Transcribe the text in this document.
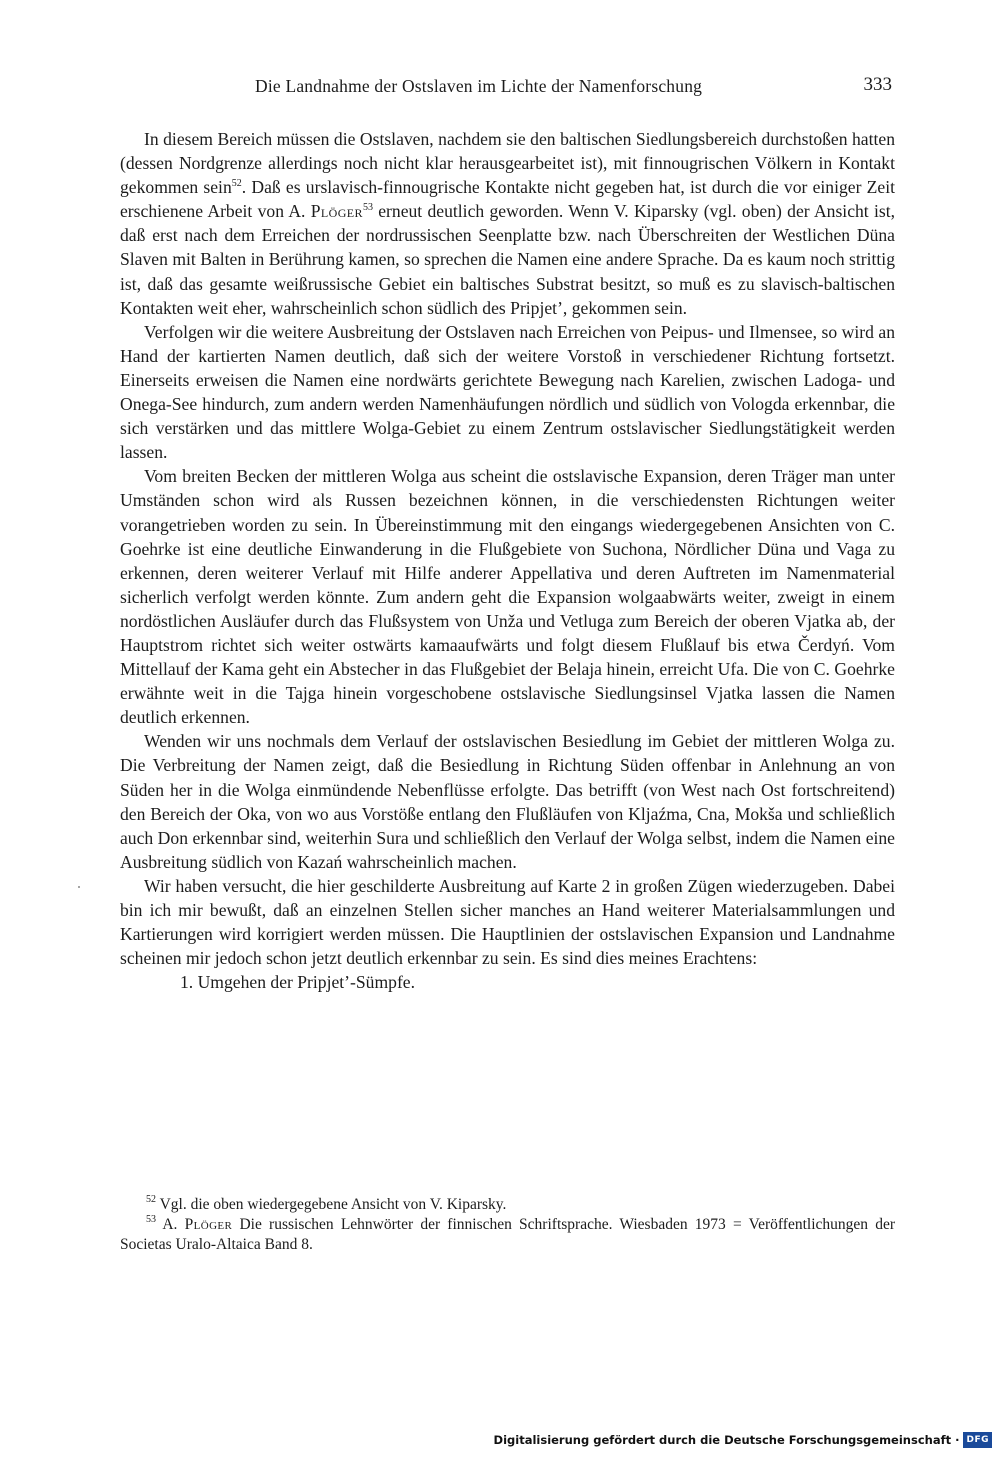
Die Landnahme der Ostslaven im Lichte der Namenforschung	333

In diesem Bereich müssen die Ostslaven, nachdem sie den baltischen Siedlungsbereich durchstoßen hatten (dessen Nordgrenze allerdings noch nicht klar herausgearbeitet ist), mit finnougrischen Völkern in Kontakt gekommen sein$^{52}$. Daß es urslavisch-finnougrische Kontakte nicht gegeben hat, ist durch die vor einiger Zeit erschienene Arbeit von A. Plöger$^{53}$ erneut deutlich geworden. Wenn V. Kiparsky (vgl. oben) der Ansicht ist, daß erst nach dem Erreichen der nordrussischen Seenplatte bzw. nach Überschreiten der Westlichen Düna Slaven mit Balten in Berührung kamen, so sprechen die Namen eine andere Sprache. Da es kaum noch strittig ist, daß das gesamte weißrussische Gebiet ein baltisches Substrat besitzt, so muß es zu slavisch-baltischen Kontakten weit eher, wahrscheinlich schon südlich des Pripjet’, gekommen sein.

Verfolgen wir die weitere Ausbreitung der Ostslaven nach Erreichen von Peipus- und Ilmensee, so wird an Hand der kartierten Namen deutlich, daß sich der weitere Vorstoß in verschiedener Richtung fortsetzt. Einerseits erweisen die Namen eine nordwärts gerichtete Bewegung nach Karelien, zwischen Ladoga- und Onega-See hindurch, zum andern werden Namenhäufungen nördlich und südlich von Vologda erkennbar, die sich verstärken und das mittlere Wolga-Gebiet zu einem Zentrum ostslavischer Siedlungstätigkeit werden lassen.

Vom breiten Becken der mittleren Wolga aus scheint die ostslavische Expansion, deren Träger man unter Umständen schon wird als Russen bezeichnen können, in die verschiedensten Richtungen weiter vorangetrieben worden zu sein. In Übereinstimmung mit den eingangs wiedergegebenen Ansichten von C. Goehrke ist eine deutliche Einwanderung in die Flußgebiete von Suchona, Nördlicher Düna und Vaga zu erkennen, deren weiterer Verlauf mit Hilfe anderer Appellativa und deren Auftreten im Namenmaterial sicherlich verfolgt werden könnte. Zum andern geht die Expansion wolgaabwärts weiter, zweigt in einem nordöstlichen Ausläufer durch das Flußsystem von Unža und Vetluga zum Bereich der oberen Vjatka ab, der Hauptstrom richtet sich weiter ostwärts kamaaufwärts und folgt diesem Flußlauf bis etwa Čerdyń. Vom Mittellauf der Kama geht ein Abstecher in das Flußgebiet der Belaja hinein, erreicht Ufa. Die von C. Goehrke erwähnte weit in die Tajga hinein vorgeschobene ostslavische Siedlungsinsel Vjatka lassen die Namen deutlich erkennen.

Wenden wir uns nochmals dem Verlauf der ostslavischen Besiedlung im Gebiet der mittleren Wolga zu. Die Verbreitung der Namen zeigt, daß die Besiedlung in Richtung Süden offenbar in Anlehnung an von Süden her in die Wolga einmündende Nebenflüsse erfolgte. Das betrifft (von West nach Ost fortschreitend) den Bereich der Oka, von wo aus Vorstöße entlang den Flußläufen von Kljaźma, Cna, Mokša und schließlich auch Don erkennbar sind, weiterhin Sura und schließlich den Verlauf der Wolga selbst, indem die Namen eine Ausbreitung südlich von Kazań wahrscheinlich machen.

Wir haben versucht, die hier geschilderte Ausbreitung auf Karte 2 in großen Zügen wiederzugeben. Dabei bin ich mir bewußt, daß an einzelnen Stellen sicher manches an Hand weiterer Materialsammlungen und Kartierungen wird korrigiert werden müssen. Die Hauptlinien der ostslavischen Expansion und Landnahme scheinen mir jedoch schon jetzt deutlich erkennbar zu sein. Es sind dies meines Erachtens:

1. Umgehen der Pripjet’-Sümpfe.

$^{52}$ Vgl. die oben wiedergegebene Ansicht von V. Kiparsky.

$^{53}$ A. Plöger Die russischen Lehnwörter der finnischen Schriftsprache. Wiesbaden 1973 = Veröffentlichungen der Societas Uralo-Altaica Band 8.

Digitalisierung gefördert durch die Deutsche Forschungsgemeinschaft · DFG
